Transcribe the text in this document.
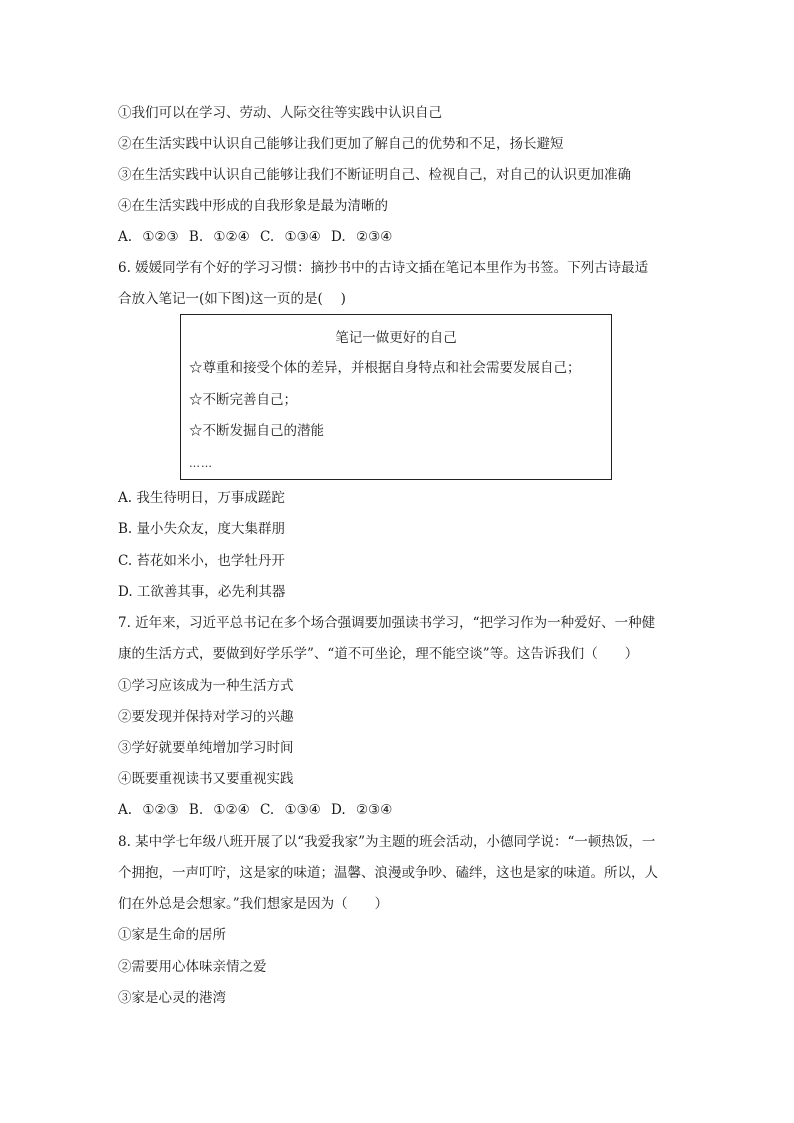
①我们可以在学习、劳动、人际交往等实践中认识自己
②在生活实践中认识自己能够让我们更加了解自己的优势和不足，扬长避短
③在生活实践中认识自己能够让我们不断证明自己、检视自己，对自己的认识更加准确
④在生活实践中形成的自我形象是最为清晰的
A. ①②③ B. ①②④ C. ①③④ D. ②③④
6. 媛媛同学有个好的学习习惯：摘抄书中的古诗文插在笔记本里作为书签。下列古诗最适
合放入笔记一(如下图)这一页的是(　 )
笔记一做更好的自己
☆尊重和接受个体的差异，并根据自身特点和社会需要发展自己；
☆不断完善自己；
☆不断发掘自己的潜能
……
A. 我生待明日，万事成蹉跎
B. 量小失众友，度大集群朋
C. 苔花如米小，也学牡丹开
D. 工欲善其事，必先利其器
7. 近年来，习近平总书记在多个场合强调要加强读书学习，“把学习作为一种爱好、一种健
康的生活方式，要做到好学乐学”、“道不可坐论，理不能空谈”等。这告诉我们（　　）
①学习应该成为一种生活方式
②要发现并保持对学习的兴趣
③学好就要单纯增加学习时间
④既要重视读书又要重视实践
A. ①②③ B. ①②④ C. ①③④ D. ②③④
8. 某中学七年级八班开展了以“我爱我家”为主题的班会活动，小德同学说：“一顿热饭，一
个拥抱，一声叮咛，这是家的味道；温馨、浪漫或争吵、磕绊，这也是家的味道。所以，人
们在外总是会想家。”我们想家是因为（　　）
①家是生命的居所
②需要用心体味亲情之爱
③家是心灵的港湾
